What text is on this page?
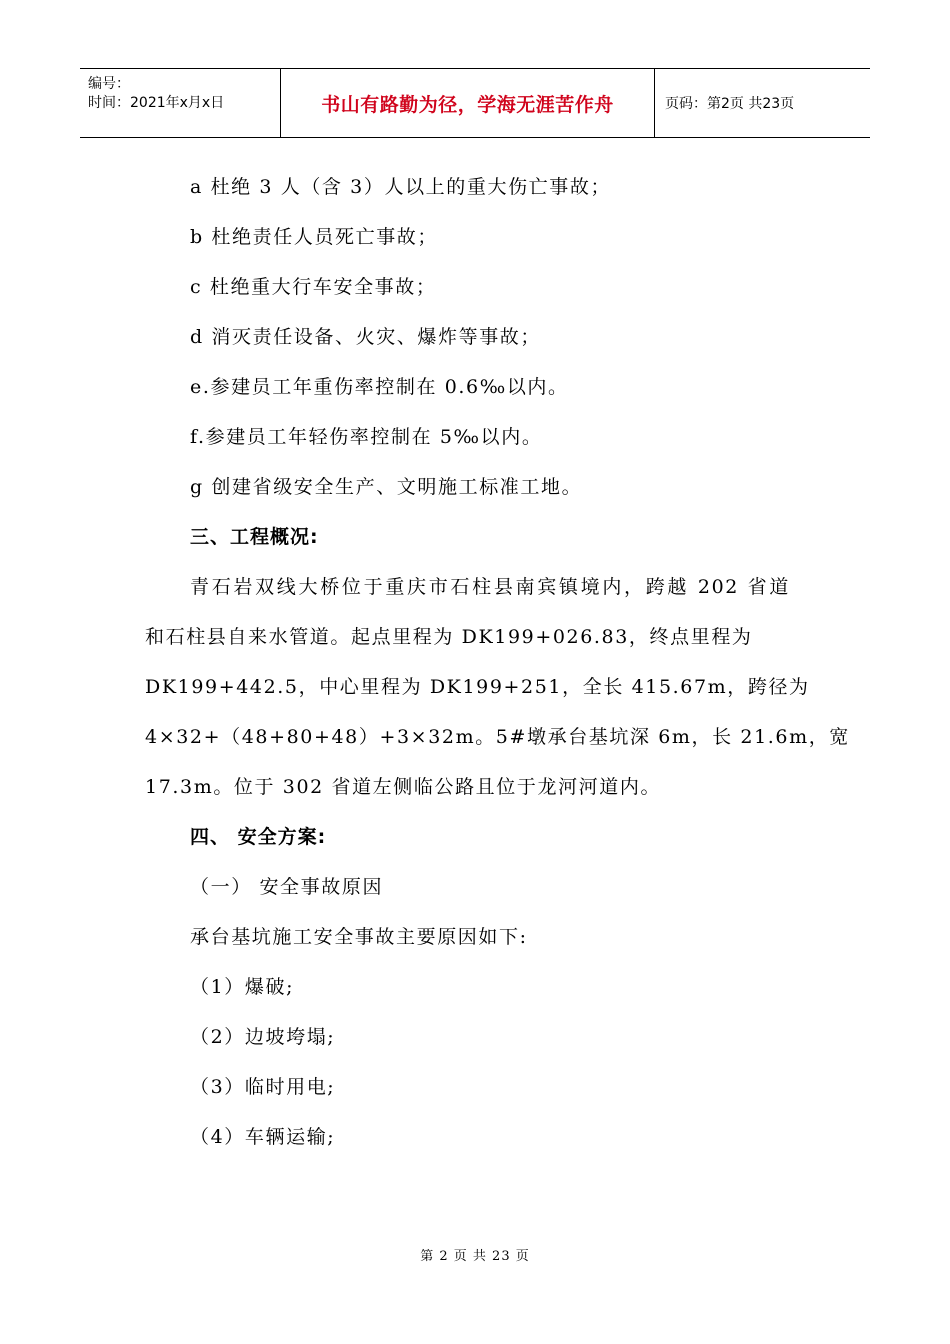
编号：
时间：2021年x月x日	书山有路勤为径，学海无涯苦作舟	页码：第2页 共23页
a 杜绝 3 人（含 3）人以上的重大伤亡事故；
b 杜绝责任人员死亡事故；
c 杜绝重大行车安全事故；
d 消灭责任设备、火灾、爆炸等事故；
e.参建员工年重伤率控制在 0.6‰以内。
f.参建员工年轻伤率控制在 5‰以内。
g 创建省级安全生产、文明施工标准工地。
三、工程概况:
青石岩双线大桥位于重庆市石柱县南宾镇境内，跨越 202 省道
和石柱县自来水管道。起点里程为 DK199+026.83，终点里程为
DK199+442.5，中心里程为 DK199+251，全长 415.67m，跨径为
4×32+（48+80+48）+3×32m。5#墩承台基坑深 6m，长 21.6m，宽
17.3m。位于 302 省道左侧临公路且位于龙河河道内。
四、 安全方案:
（一） 安全事故原因
承台基坑施工安全事故主要原因如下:
（1）爆破;
（2）边坡垮塌;
（3）临时用电;
（4）车辆运输;
第 2 页 共 23 页
